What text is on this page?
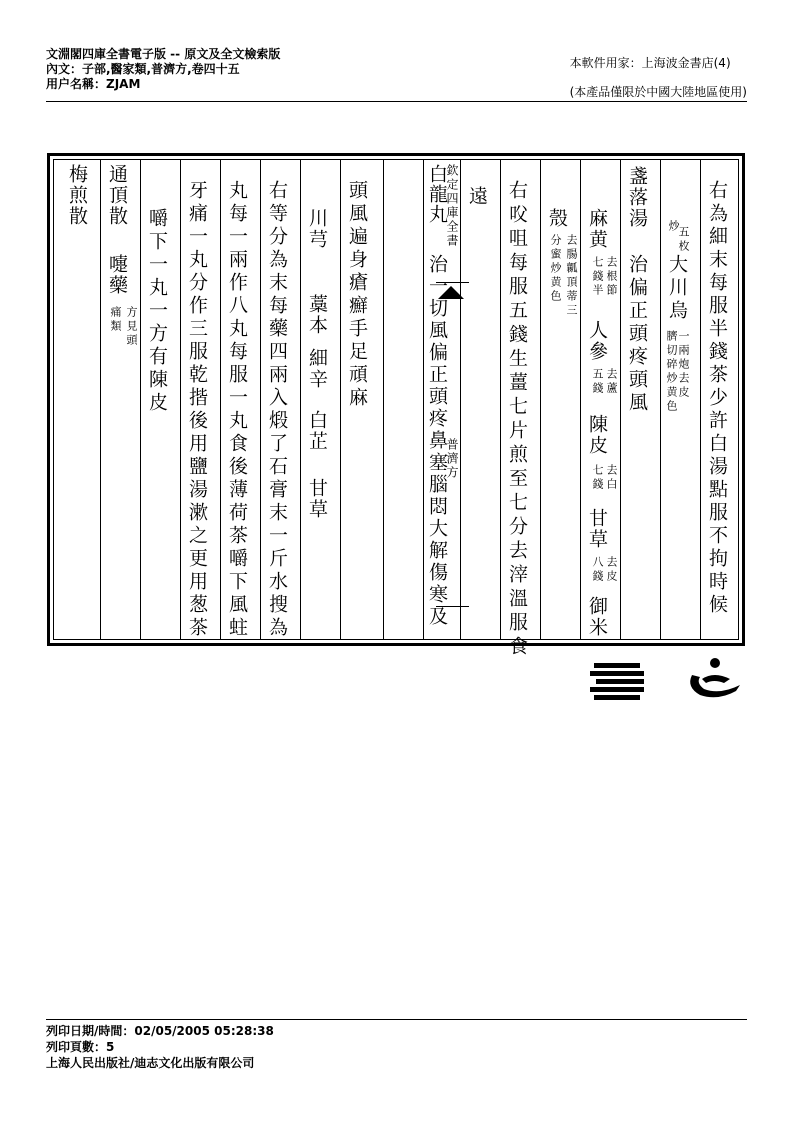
文淵閣四庫全書電子版 -- 原文及全文檢索版
內文：子部,醫家類,普濟方,卷四十五
用户名稱：ZJAM
本軟件用家：上海波金書店(4)
(本產品僅限於中國大陸地區使用)
欽定四庫全書
普濟方	右為細末每服半錢茶少許白湯點服不拘時候
五枚
炒
大川烏
一兩炮去皮
臍切碎炒黄色
盞落湯
治偏正頭疼頭風
麻黄
去根
七錢
節
半
人參
去蘆
五錢
陳皮
去白
七錢
甘草
去皮
八錢
御米
殼
去腸瓤頂蒂三
分蜜炒黄色
右㕮咀每服五錢生薑七片煎至七分去滓溫服食
遠
白龍丸
治一切風偏正頭疼鼻塞腦悶大解傷寒及
頭風遍身瘡癬手足頑麻
川芎
藁本
細辛
白芷
甘草
右等分為末每藥四兩入煅了石膏末一斤水搜為
丸每一兩作八丸每服一丸食後薄荷茶嚼下風蛀
牙痛一丸分作三服乾揩後用鹽湯漱之更用葱茶
嚼下一丸一方有陳皮
通頂散
嚏藥
方見頭
痛類
梅煎散
列印日期/時間：02/05/2005 05:28:38
列印頁數：5
上海人民出版社/迪志文化出版有限公司
